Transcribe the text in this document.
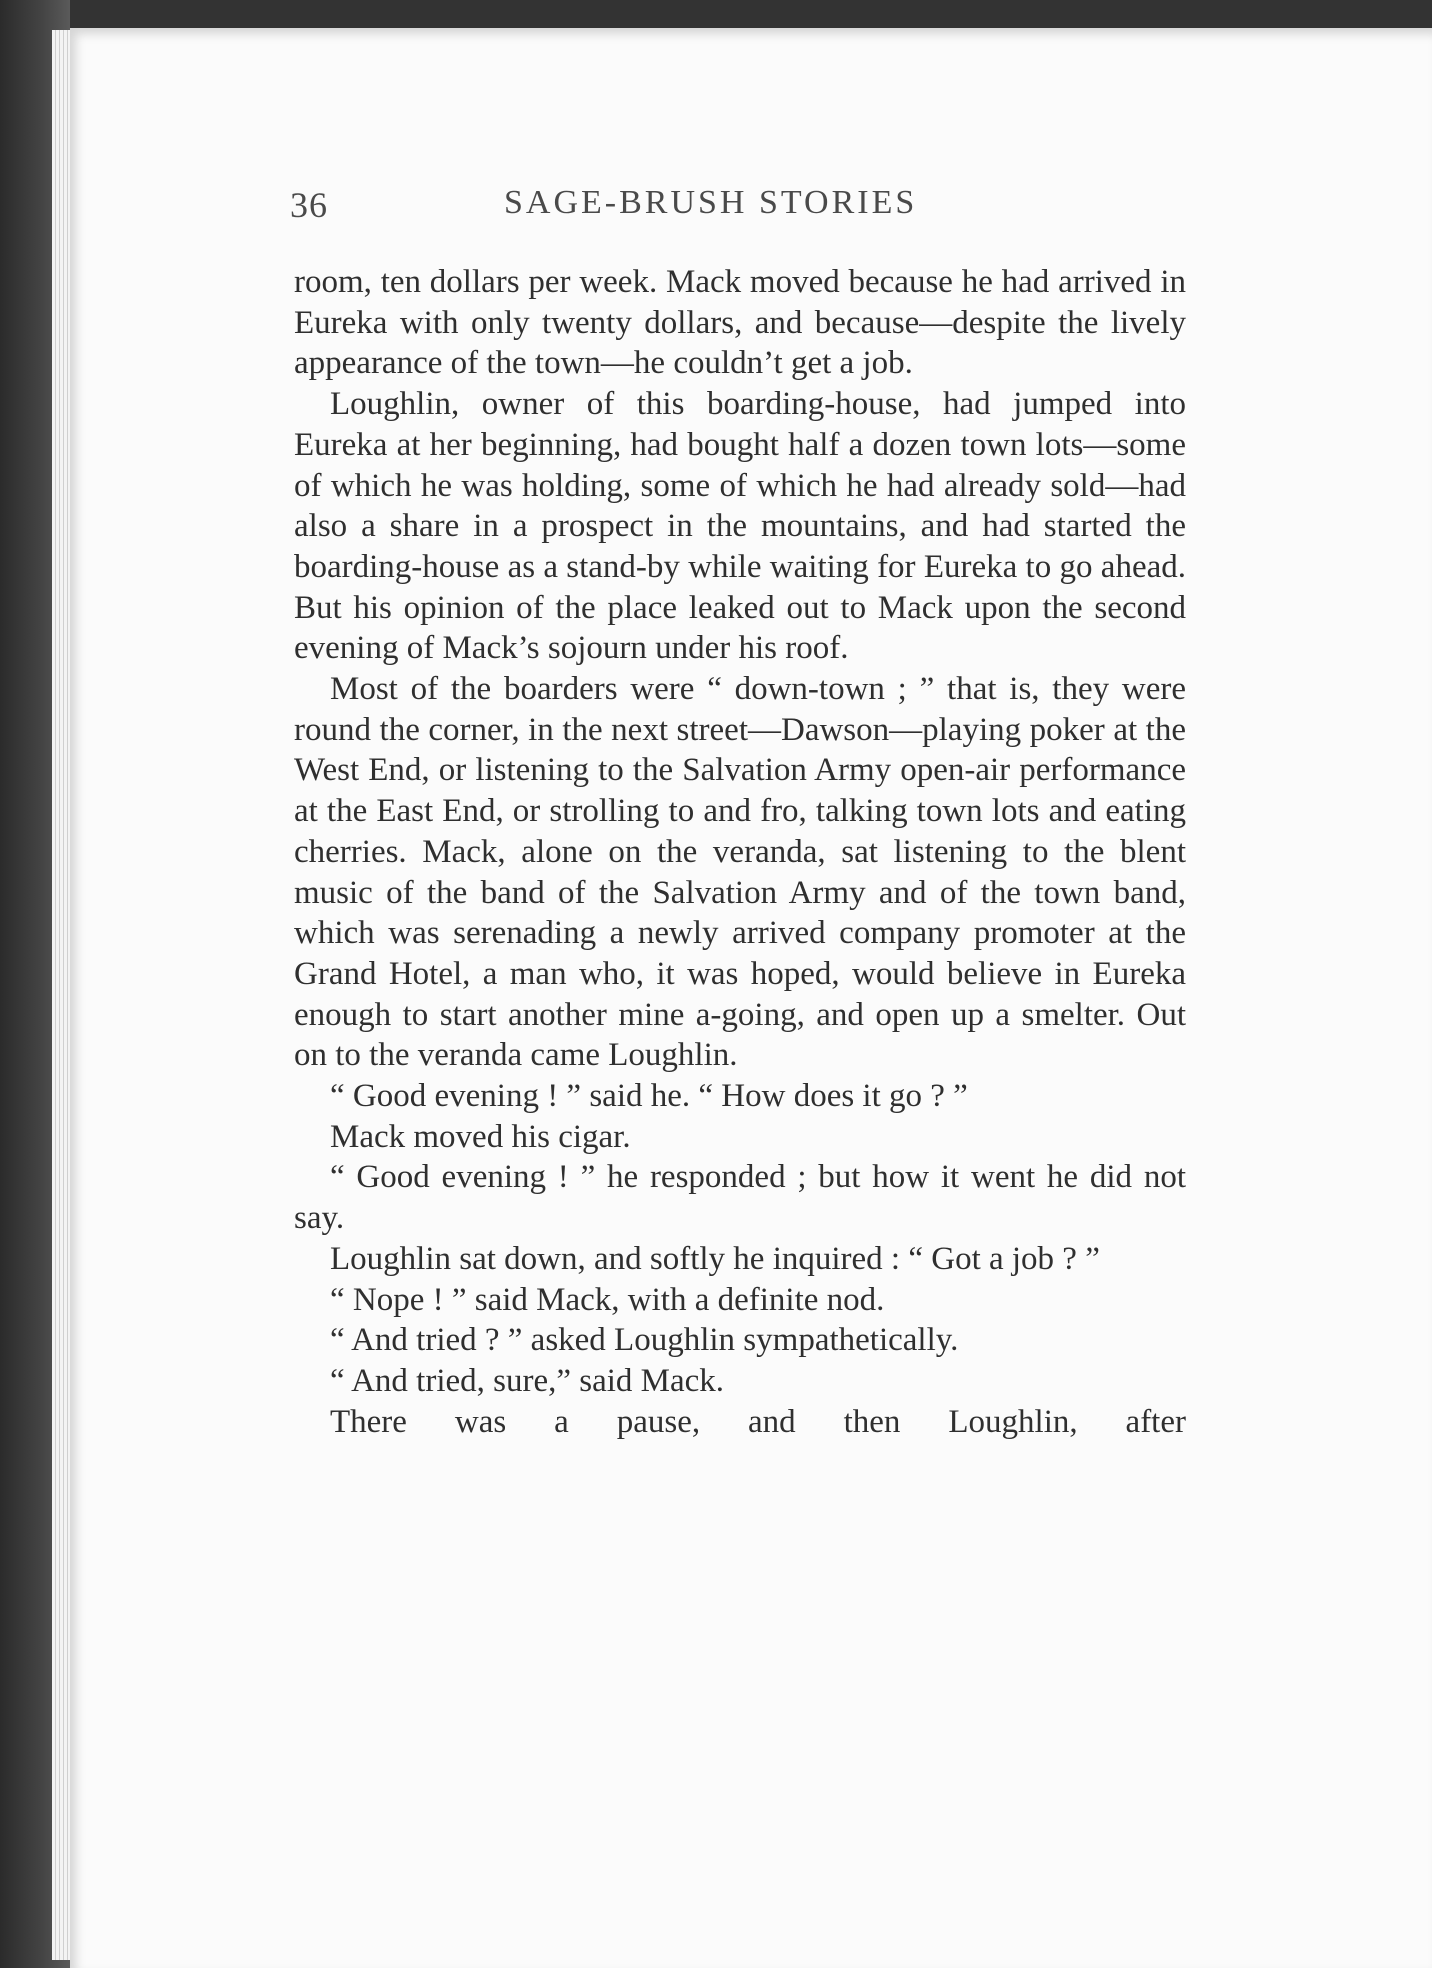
36	SAGE-BRUSH STORIES

room, ten dollars per week. Mack moved because he had arrived in Eureka with only twenty dollars, and because—despite the lively appearance of the town—he couldn’t get a job.

Loughlin, owner of this boarding-house, had jumped into Eureka at her beginning, had bought half a dozen town lots—some of which he was holding, some of which he had already sold—had also a share in a prospect in the mountains, and had started the boarding-house as a stand-by while waiting for Eureka to go ahead. But his opinion of the place leaked out to Mack upon the second evening of Mack’s sojourn under his roof.

Most of the boarders were “ down-town ; ” that is, they were round the corner, in the next street—Dawson—playing poker at the West End, or listening to the Salvation Army open-air performance at the East End, or strolling to and fro, talking town lots and eating cherries. Mack, alone on the veranda, sat listening to the blent music of the band of the Salvation Army and of the town band, which was serenading a newly arrived company promoter at the Grand Hotel, a man who, it was hoped, would believe in Eureka enough to start another mine a-going, and open up a smelter. Out on to the veranda came Loughlin.

“ Good evening ! ” said he. “ How does it go ? ”

Mack moved his cigar.

“ Good evening ! ” he responded ; but how it went he did not say.

Loughlin sat down, and softly he inquired : “ Got a job ? ”

“ Nope ! ” said Mack, with a definite nod.

“ And tried ? ” asked Loughlin sympathetically.

“ And tried, sure,” said Mack.

There was a pause, and then Loughlin, after
